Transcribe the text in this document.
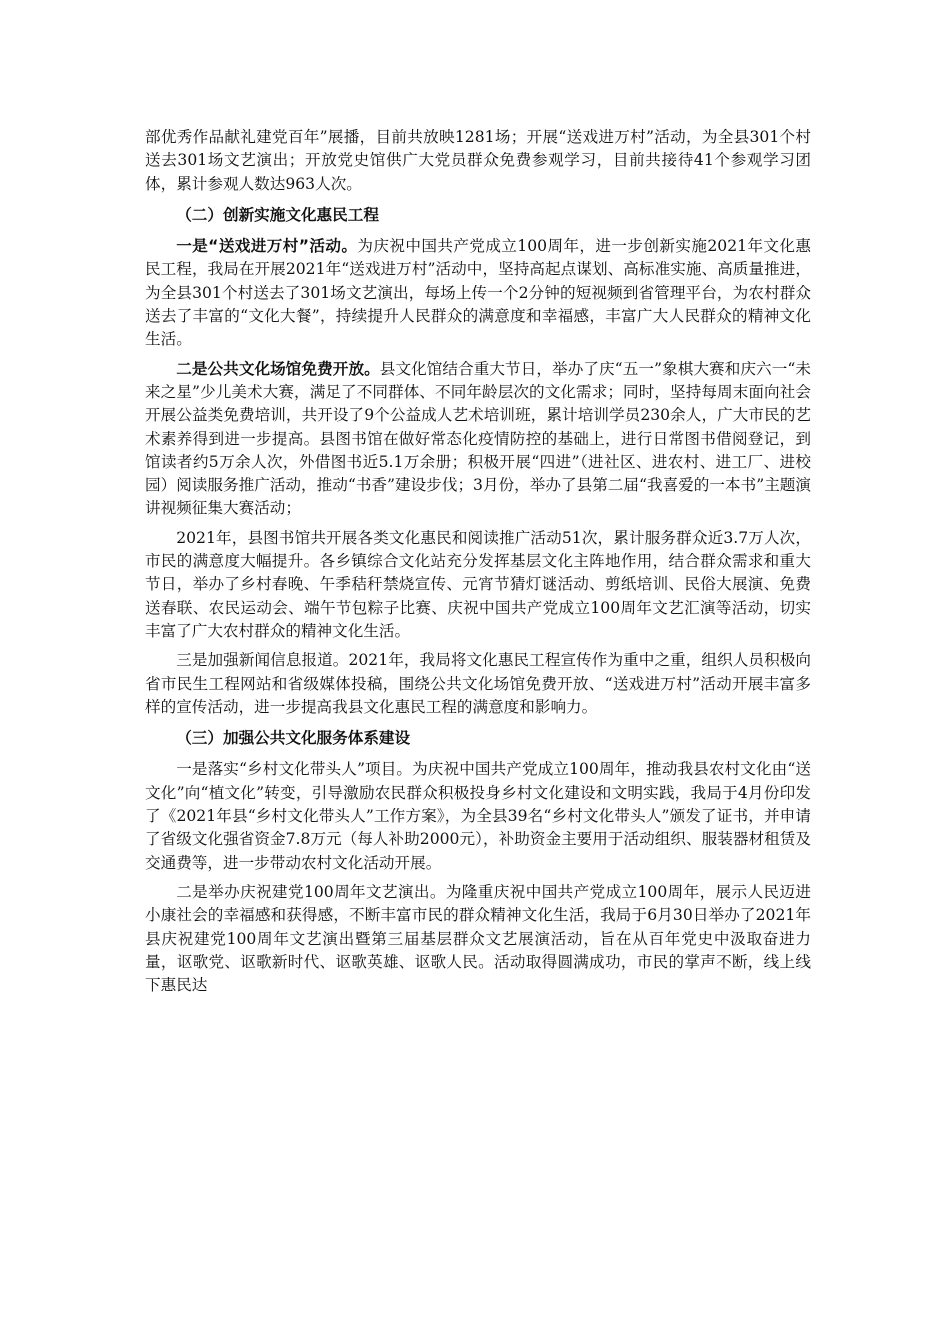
部优秀作品献礼建党百年”展播，目前共放映1281场；开展“送戏进万村”活动，为全县301个村送去301场文艺演出；开放党史馆供广大党员群众免费参观学习，目前共接待41个参观学习团体，累计参观人数达963人次。

（二）创新实施文化惠民工程

一是“送戏进万村”活动。为庆祝中国共产党成立100周年，进一步创新实施2021年文化惠民工程，我局在开展2021年“送戏进万村”活动中，坚持高起点谋划、高标准实施、高质量推进，为全县301个村送去了301场文艺演出，每场上传一个2分钟的短视频到省管理平台，为农村群众送去了丰富的“文化大餐”，持续提升人民群众的满意度和幸福感，丰富广大人民群众的精神文化生活。

二是公共文化场馆免费开放。县文化馆结合重大节日，举办了庆“五一”象棋大赛和庆六一“未来之星”少儿美术大赛，满足了不同群体、不同年龄层次的文化需求；同时，坚持每周末面向社会开展公益类免费培训，共开设了9个公益成人艺术培训班，累计培训学员230余人，广大市民的艺术素养得到进一步提高。县图书馆在做好常态化疫情防控的基础上，进行日常图书借阅登记，到馆读者约5万余人次，外借图书近5.1万余册；积极开展“四进”（进社区、进农村、进工厂、进校园）阅读服务推广活动，推动“书香”建设步伐；3月份，举办了县第二届“我喜爱的一本书”主题演讲视频征集大赛活动；

2021年，县图书馆共开展各类文化惠民和阅读推广活动51次，累计服务群众近3.7万人次，市民的满意度大幅提升。各乡镇综合文化站充分发挥基层文化主阵地作用，结合群众需求和重大节日，举办了乡村春晚、午季秸秆禁烧宣传、元宵节猜灯谜活动、剪纸培训、民俗大展演、免费送春联、农民运动会、端午节包粽子比赛、庆祝中国共产党成立100周年文艺汇演等活动，切实丰富了广大农村群众的精神文化生活。

三是加强新闻信息报道。2021年，我局将文化惠民工程宣传作为重中之重，组织人员积极向省市民生工程网站和省级媒体投稿，围绕公共文化场馆免费开放、“送戏进万村”活动开展丰富多样的宣传活动，进一步提高我县文化惠民工程的满意度和影响力。

（三）加强公共文化服务体系建设

一是落实“乡村文化带头人”项目。为庆祝中国共产党成立100周年，推动我县农村文化由“送文化”向“植文化”转变，引导激励农民群众积极投身乡村文化建设和文明实践，我局于4月份印发了《2021年县“乡村文化带头人”工作方案》，为全县39名“乡村文化带头人”颁发了证书，并申请了省级文化强省资金7.8万元（每人补助2000元），补助资金主要用于活动组织、服装器材租赁及交通费等，进一步带动农村文化活动开展。

二是举办庆祝建党100周年文艺演出。为隆重庆祝中国共产党成立100周年，展示人民迈进小康社会的幸福感和获得感，不断丰富市民的群众精神文化生活，我局于6月30日举办了2021年县庆祝建党100周年文艺演出暨第三届基层群众文艺展演活动，旨在从百年党史中汲取奋进力量，讴歌党、讴歌新时代、讴歌英雄、讴歌人民。活动取得圆满成功，市民的掌声不断，线上线下惠民达
